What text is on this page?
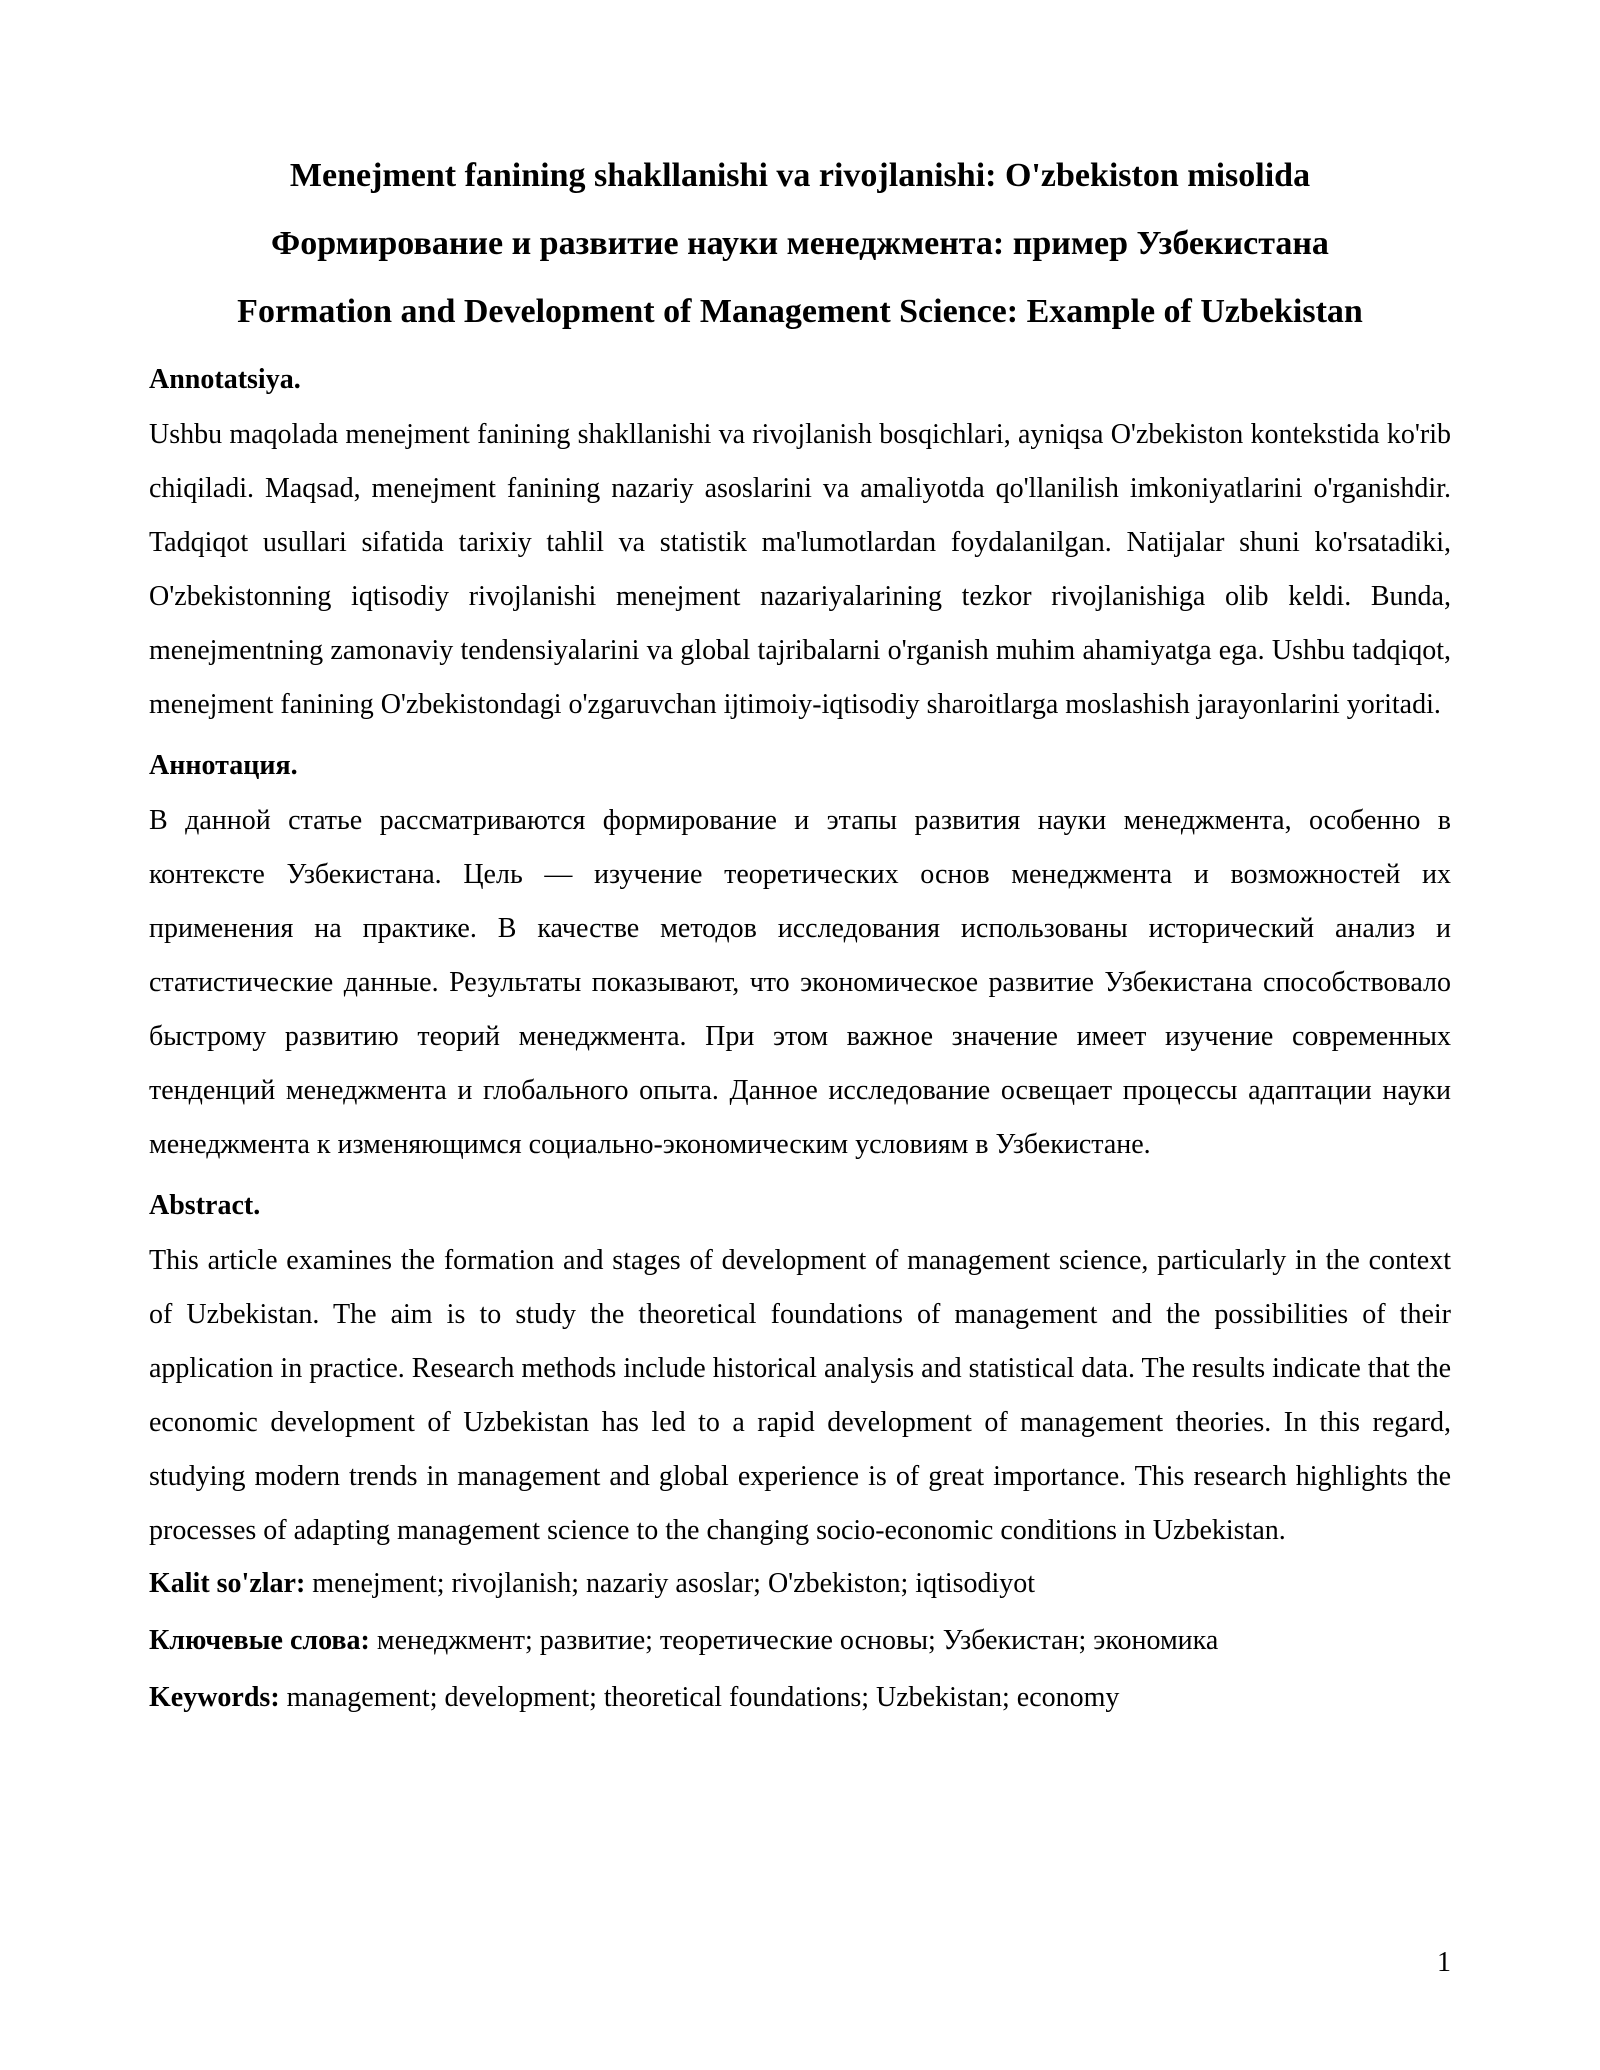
Menejment fanining shakllanishi va rivojlanishi: O'zbekiston misolida
Формирование и развитие науки менеджмента: пример Узбекистана
Formation and Development of Management Science: Example of Uzbekistan
Annotatsiya.

Ushbu maqolada menejment fanining shakllanishi va rivojlanish bosqichlari, ayniqsa O'zbekiston kontekstida ko'rib chiqiladi. Maqsad, menejment fanining nazariy asoslarini va amaliyotda qo'llanilish imkoniyatlarini o'rganishdir. Tadqiqot usullari sifatida tarixiy tahlil va statistik ma'lumotlardan foydalanilgan. Natijalar shuni ko'rsatadiki, O'zbekistonning iqtisodiy rivojlanishi menejment nazariyalarining tezkor rivojlanishiga olib keldi. Bunda, menejmentning zamonaviy tendensiyalarini va global tajribalarni o'rganish muhim ahamiyatga ega. Ushbu tadqiqot, menejment fanining O'zbekistondagi o'zgaruvchan ijtimoiy-iqtisodiy sharoitlarga moslashish jarayonlarini yoritadi.

Аннотация.

В данной статье рассматриваются формирование и этапы развития науки менеджмента, особенно в контексте Узбекистана. Цель — изучение теоретических основ менеджмента и возможностей их применения на практике. В качестве методов исследования использованы исторический анализ и статистические данные. Результаты показывают, что экономическое развитие Узбекистана способствовало быстрому развитию теорий менеджмента. При этом важное значение имеет изучение современных тенденций менеджмента и глобального опыта. Данное исследование освещает процессы адаптации науки менеджмента к изменяющимся социально-экономическим условиям в Узбекистане.

Abstract.

This article examines the formation and stages of development of management science, particularly in the context of Uzbekistan. The aim is to study the theoretical foundations of management and the possibilities of their application in practice. Research methods include historical analysis and statistical data. The results indicate that the economic development of Uzbekistan has led to a rapid development of management theories. In this regard, studying modern trends in management and global experience is of great importance. This research highlights the processes of adapting management science to the changing socio-economic conditions in Uzbekistan.

Kalit so'zlar: menejment; rivojlanish; nazariy asoslar; O'zbekiston; iqtisodiyot
Ключевые слова: менеджмент; развитие; теоретические основы; Узбекистан; экономика
Keywords: management; development; theoretical foundations; Uzbekistan; economy
1
